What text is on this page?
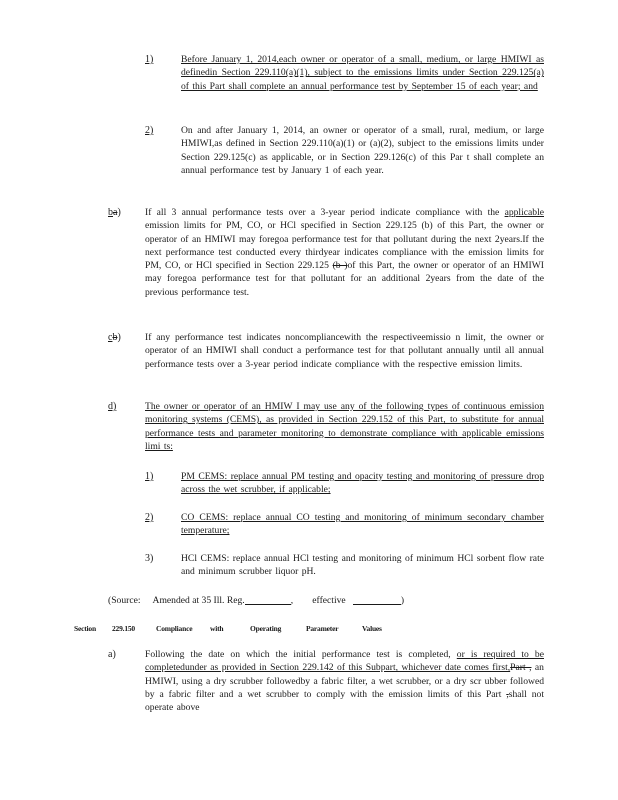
1)	Before January 1, 2014,each owner or operator of a small, medium, or large HMIWI as definedin Section 229.110(a)(1), subject to the emissions limits under Section 229.125(a) of this Part shall complete an annual performance test by September 15 of each year; and
2)	On and after January 1, 2014, an owner or operator of a small, rural, medium, or large HMIWI,as defined in Section 229.110(a)(1) or (a)(2), subject to the emissions limits under Section 229.125(c) as applicable, or in Section 229.126(c) of this Par t shall complete an annual performance test by January 1 of each year.
ba)	If all 3 annual performance tests over a 3-year period indicate compliance with the applicable emission limits for PM, CO, or HCl specified in Section 229.125 (b) of this Part, the owner or operator of an HMIWI may foregoa performance test for that pollutant during the next 2years.If the next performance test conducted every thirdyear indicates compliance with the emission limits for PM, CO, or HCl specified in Section 229.125 (b )of this Part, the owner or operator of an HMIWI may foregoa performance test for that pollutant for an additional 2years from the date of the previous performance test.
cb)	If any performance test indicates noncompliancewith the respectiveemissio n limit, the owner or operator of an HMIWI shall conduct a performance test for that pollutant annually until all annual performance tests over a 3-year period indicate compliance with the respective emission limits.
d)	The owner or operator of an HMIW I may use any of the following types of continuous emission monitoring systems (CEMS), as provided in Section 229.152 of this Part, to substitute for annual performance tests and parameter monitoring to demonstrate compliance with applicable emissions limi ts:
1)	PM CEMS: replace annual PM testing and opacity testing and monitoring of pressure drop across the wet scrubber, if applicable;
2)	CO CEMS: replace annual CO testing and monitoring of minimum secondary chamber temperature;
3)	HCl CEMS: replace annual HCl testing and monitoring of minimum HCl sorbent flow rate and minimum scrubber liquor pH.
(Source: Amended at 35 Ill. Reg.	, effective	)
Section 229.150	Compliance with	Operating	Parameter	Values
a)	Following the date on which the initial performance test is completed, or is required to be completedunder as provided in Section 229.142 of this Subpart, whichever date comes first,Part , an HMIWI, using a dry scrubber followedby a fabric filter, a wet scrubber, or a dry scr ubber followed by a fabric filter and a wet scrubber to comply with the emission limits of this Part ,shall not operate above
